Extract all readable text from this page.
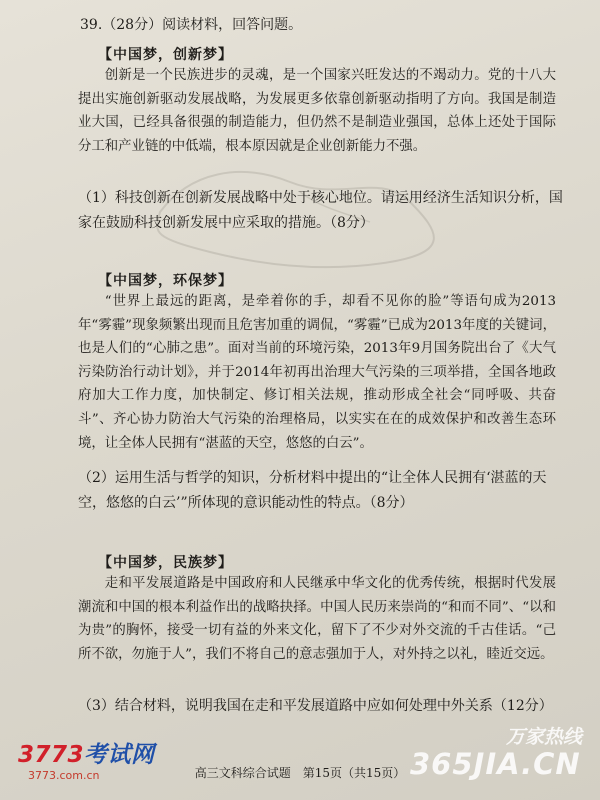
39.（28分）阅读材料，回答问题。
【中国梦，创新梦】

创新是一个民族进步的灵魂，是一个国家兴旺发达的不竭动力。党的十八大提出实施创新驱动发展战略，为发展更多依靠创新驱动指明了方向。我国是制造业大国，已经具备很强的制造能力，但仍然不是制造业强国，总体上还处于国际分工和产业链的中低端，根本原因就是企业创新能力不强。

（1）科技创新在创新发展战略中处于核心地位。请运用经济生活知识分析，国家在鼓励科技创新发展中应采取的措施。（8分）

【中国梦，环保梦】

“世界上最远的距离，是牵着你的手，却看不见你的脸”等语句成为2013年“雾霾”现象频繁出现而且危害加重的调侃，“雾霾”已成为2013年度的关键词，也是人们的“心肺之患”。面对当前的环境污染，2013年9月国务院出台了《大气污染防治行动计划》，并于2014年初再出治理大气污染的三项举措，全国各地政府加大工作力度，加快制定、修订相关法规，推动形成全社会“同呼吸、共奋斗”、齐心协力防治大气污染的治理格局，以实实在在的成效保护和改善生态环境，让全体人民拥有“湛蓝的天空，悠悠的白云”。

（2）运用生活与哲学的知识，分析材料中提出的“让全体人民拥有‘湛蓝的天空，悠悠的白云’”所体现的意识能动性的特点。（8分）

【中国梦，民族梦】

走和平发展道路是中国政府和人民继承中华文化的优秀传统，根据时代发展潮流和中国的根本利益作出的战略抉择。中国人民历来崇尚的“和而不同”、“以和为贵”的胸怀，接受一切有益的外来文化，留下了不少对外交流的千古佳话。“己所不欲，勿施于人”，我们不将自己的意志强加于人，对外持之以礼，睦近交远。

（3）结合材料，说明我国在走和平发展道路中应如何处理中外关系（12分）

高三文科综合试题　第15页（共15页）
3773考试网
3773.com.cn
万家热线
365JIA.CN
